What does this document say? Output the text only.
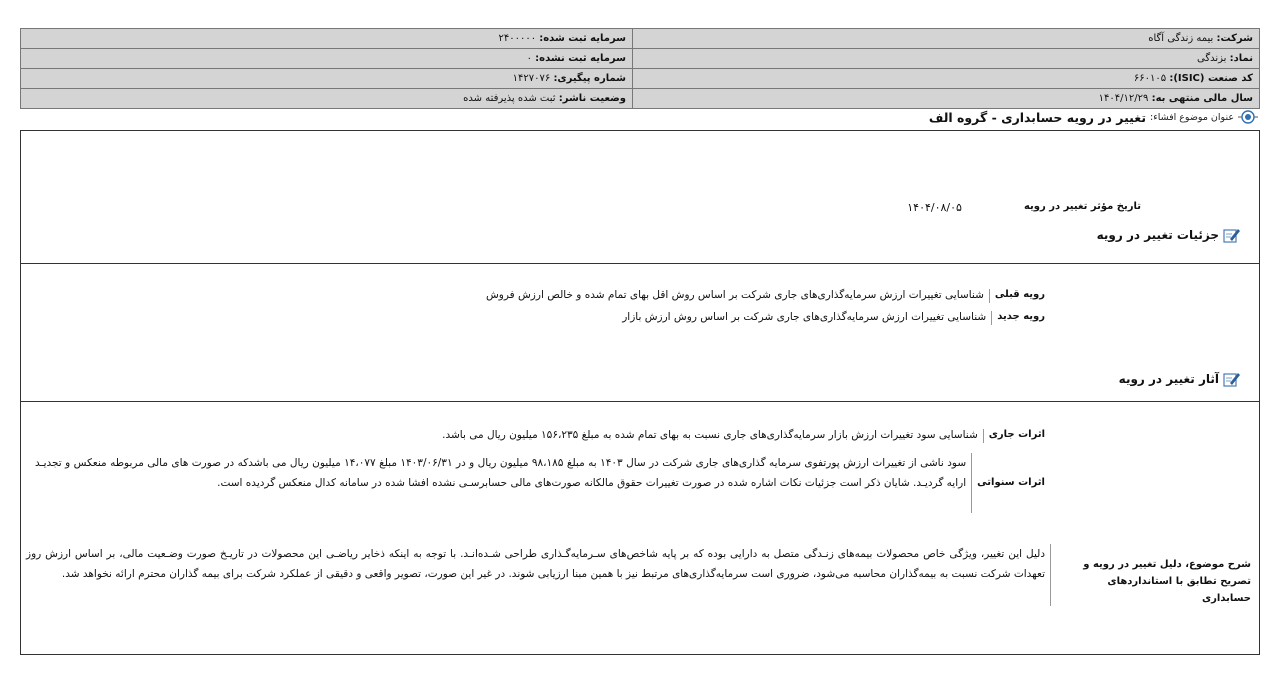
شرکت: بیمه زندگی آگاه	سرمایه ثبت شده: ۲۴۰۰۰۰۰
نماد: بزندگی	سرمایه ثبت نشده: ۰
کد صنعت (ISIC): ۶۶۰۱۰۵	شماره پیگیری: ۱۴۲۷۰۷۶
سال مالی منتهی به: ۱۴۰۴/۱۲/۲۹	وضعیت ناشر: ثبت شده پذیرفته شده
عنوان موضوع افشاء:
تغییر در رویه حسابداری - گروه الف
تاریخ مؤثر تغییر در رویه
۱۴۰۴/۰۸/۰۵
جزئیات تغییر در رویه
رویه قبلی
شناسایی تغییرات ارزش سرمایه‌گذاری‌های جاری شرکت بر اساس روش اقل بهای تمام شده و خالص ارزش فروش
رویه جدید
شناسایی تغییرات ارزش سرمایه‌گذاری‌های جاری شرکت بر اساس روش ارزش بازار
آثار تغییر در رویه
اثرات جاری
شناسایی سود تغییرات ارزش بازار سرمایه‌گذاری‌های جاری نسبت به بهای تمام شده به مبلغ ۱۵۶،۲۳۵ میلیون ریال می باشد.
اثرات سنواتی
سود ناشی از تغییرات ارزش پورتفوی سرمایه گذاری‌های جاری شرکت در سال ۱۴۰۳ به مبلغ ۹۸،۱۸۵ میلیون ریال و در ۱۴۰۳/۰۶/۳۱ مبلغ ۱۴،۰۷۷ میلیون ریال می باشدکه در صورت های مالی مربوطه منعکس و تجدیـد ارایه گردیـد. شایان ذکر است جزئیات نکات اشاره شده در صورت تغییرات حقوق مالکانه صورت‌های مالی حسابرسـی نشده افشا شده در سامانه کدال منعکس گردیده است.
شرح موضوع، دلیل تغییر در رویه و تصریح تطابق با استانداردهای حسابداری
دلیل این تغییر، ویژگی خاص محصولات بیمه‌های زنـدگی متصل به دارایی بوده که بر پایه شاخص‌های سـرمایه‌گـذاری طراحی شـده‌انـد. با توجه به اینکه ذخایر ریاضـی این محصولات در تاریـخ صورت وضـعیت مالی، بر اساس ارزش روز تعهدات شرکت نسبت به بیمه‌گذاران محاسبه می‌شود، ضروری است سرمایه‌گذاری‌های مرتبط نیز با همین مبنا ارزیابی شوند. در غیر این صورت، تصویر واقعی و دقیقی از عملکرد شرکت برای بیمه گذاران محترم ارائه نخواهد شد.
